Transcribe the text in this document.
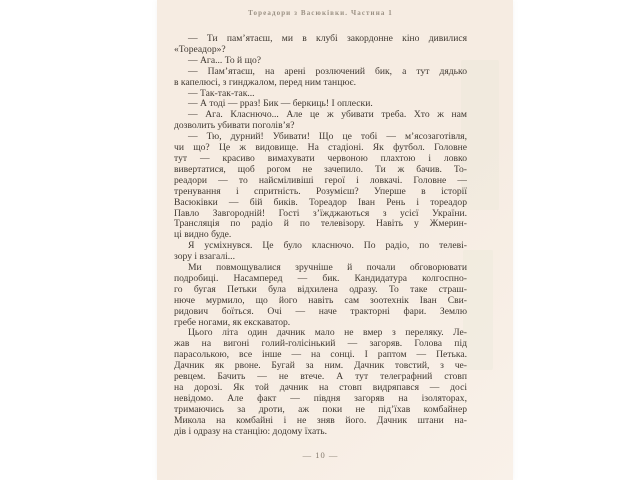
Тореадори з Васюківки. Частина 1
— Ти пам’ятаєш, ми в клубі закордонне кіно дивилися
«Тореадор»?
— Ага... То й що?
— Пам’ятаєш, на арені розлючений бик, а тут дядько
в капелюсі, з гинджалом, перед ним танцює.
— Так-так-так...
— А тоді — рраз! Бик — беркиць! І оплески.
— Ага. Класнючо... Але це ж убивати треба. Хто ж нам
дозволить убивати поголів’я?
— Тю, дурний! Убивати! Що це тобі — м’ясозаготівля,
чи що? Це ж видовище. На стадіоні. Як футбол. Головне
тут — красиво вимахувати червоною плахтою і ловко
вивертатися, щоб рогом не зачепило. Ти ж бачив. То-
реадори — то найсміливіші герої і ловкачі. Головне —
тренування і спритність. Розумієш? Уперше в історії
Васюківки — бій биків. Тореадор Іван Рень і тореадор
Павло Завгородній! Гості з’їжджаються з усієї України.
Трансляція по радіо й по телевізору. Навіть у Жмерин-
ці видно буде.
Я усміхнувся. Це було класнючо. По радіо, по телеві-
зору і взагалі...
Ми повмощувалися зручніше й почали обговорювати
подробиці. Насамперед — бик. Кандидатура колгоспно-
го бугая Петьки була відхилена одразу. То таке страш-
нюче мурмило, що його навіть сам зоотехнік Іван Сви-
ридович боїться. Очі — наче тракторні фари. Землю
гребе ногами, як екскаватор.
Цього літа один дачник мало не вмер з переляку. Ле-
жав на вигоні голий-голісінький — загоряв. Голова під
парасолькою, все інше — на сонці. І раптом — Петька.
Дачник як рвоне. Бугай за ним. Дачник товстий, з че-
ревцем. Бачить — не втече. А тут телеграфний стовп
на дорозі. Як той дачник на стовп видряпався — досі
невідомо. Але факт — півдня загоряв на ізоляторах,
тримаючись за дроти, аж поки не під’їхав комбайнер
Микола на комбайні і не зняв його. Дачник штани на-
дів і одразу на станцію: додому їхать.
— 10 —
